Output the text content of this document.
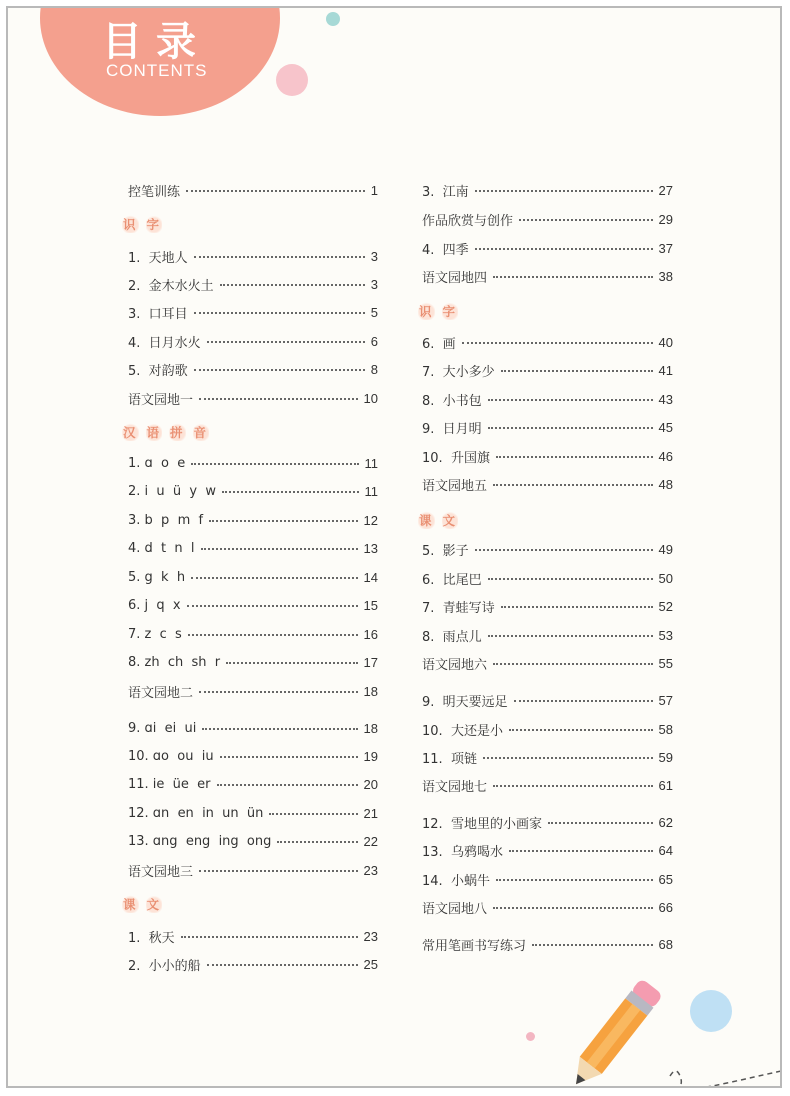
目录
CONTENTS
控笔训练	1
识 字
1.  天地人	3
2.  金木水火土	3
3.  口耳目	5
4.  日月水火	6
5.  对韵歌	8
语文园地一	10
汉 语 拼 音
1. ɑ  o  e	11
2. i  u  ü  y  w	11
3. b  p  m  f	12
4. d  t  n  l	13
5. g  k  h	14
6. j  q  x	15
7. z  c  s	16
8. zh  ch  sh  r	17
语文园地二	18
9. ɑi  ei  ui	18
10. ɑo  ou  iu	19
11. ie  üe  er	20
12. ɑn  en  in  un  ün	21
13. ɑng  eng  ing  ong	22
语文园地三	23
课 文
1.  秋天	23
2.  小小的船	25
3.  江南	27
作品欣赏与创作	29
4.  四季	37
语文园地四	38
识 字
6.  画	40
7.  大小多少	41
8.  小书包	43
9.  日月明	45
10.  升国旗	46
语文园地五	48
课 文
5.  影子	49
6.  比尾巴	50
7.  青蛙写诗	52
8.  雨点儿	53
语文园地六	55
9.  明天要远足	57
10.  大还是小	58
11.  项链	59
语文园地七	61
12.  雪地里的小画家	62
13.  乌鸦喝水	64
14.  小蜗牛	65
语文园地八	66
常用笔画书写练习	68
